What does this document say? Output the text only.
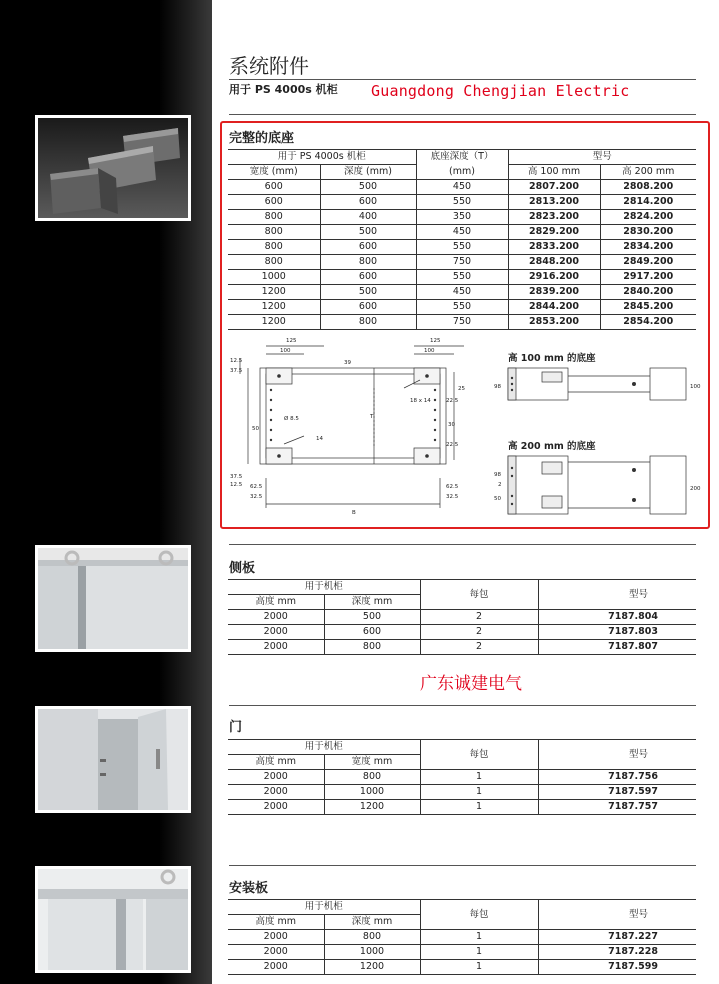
系统附件
用于 PS 4000s 机柜 Guangdong Chengjian Electric
完整的底座
用于 PS 4000s 机柜		底座深度（T）	型号	
宽度 (mm)	深度 (mm)	(mm)	高 100 mm	高 200 mm
600	500	450	2807.200	2808.200
600	600	550	2813.200	2814.200
800	400	350	2823.200	2824.200
800	500	450	2829.200	2830.200
800	600	550	2833.200	2834.200
800	800	750	2848.200	2849.200
1000	600	550	2916.200	2917.200
1200	500	450	2839.200	2840.200
1200	600	550	2844.200	2845.200
1200	800	750	2853.200	2854.200
125
100
125
100
12.5
37.5
39
25
18 x 14	22.5
30
22.5
Ø 8.5
14
50
T
37.5
12.5 62.5
32.5
62.5
32.5
B
98	100
98
2
200
50
高 100 mm 的底座
高 200 mm 的底座
侧板
用于机柜		每包	型号
高度 mm	深度 mm		
2000	500	2	7187.804
2000	600	2	7187.803
2000	800	2	7187.807
广东诚建电气
门
用于机柜		每包	型号
高度 mm	宽度 mm		
2000	800	1	7187.756
2000	1000	1	7187.597
2000	1200	1	7187.757
安装板
用于机柜		每包	型号
高度 mm	深度 mm		
2000	800	1	7187.227
2000	1000	1	7187.228
2000	1200	1	7187.599
